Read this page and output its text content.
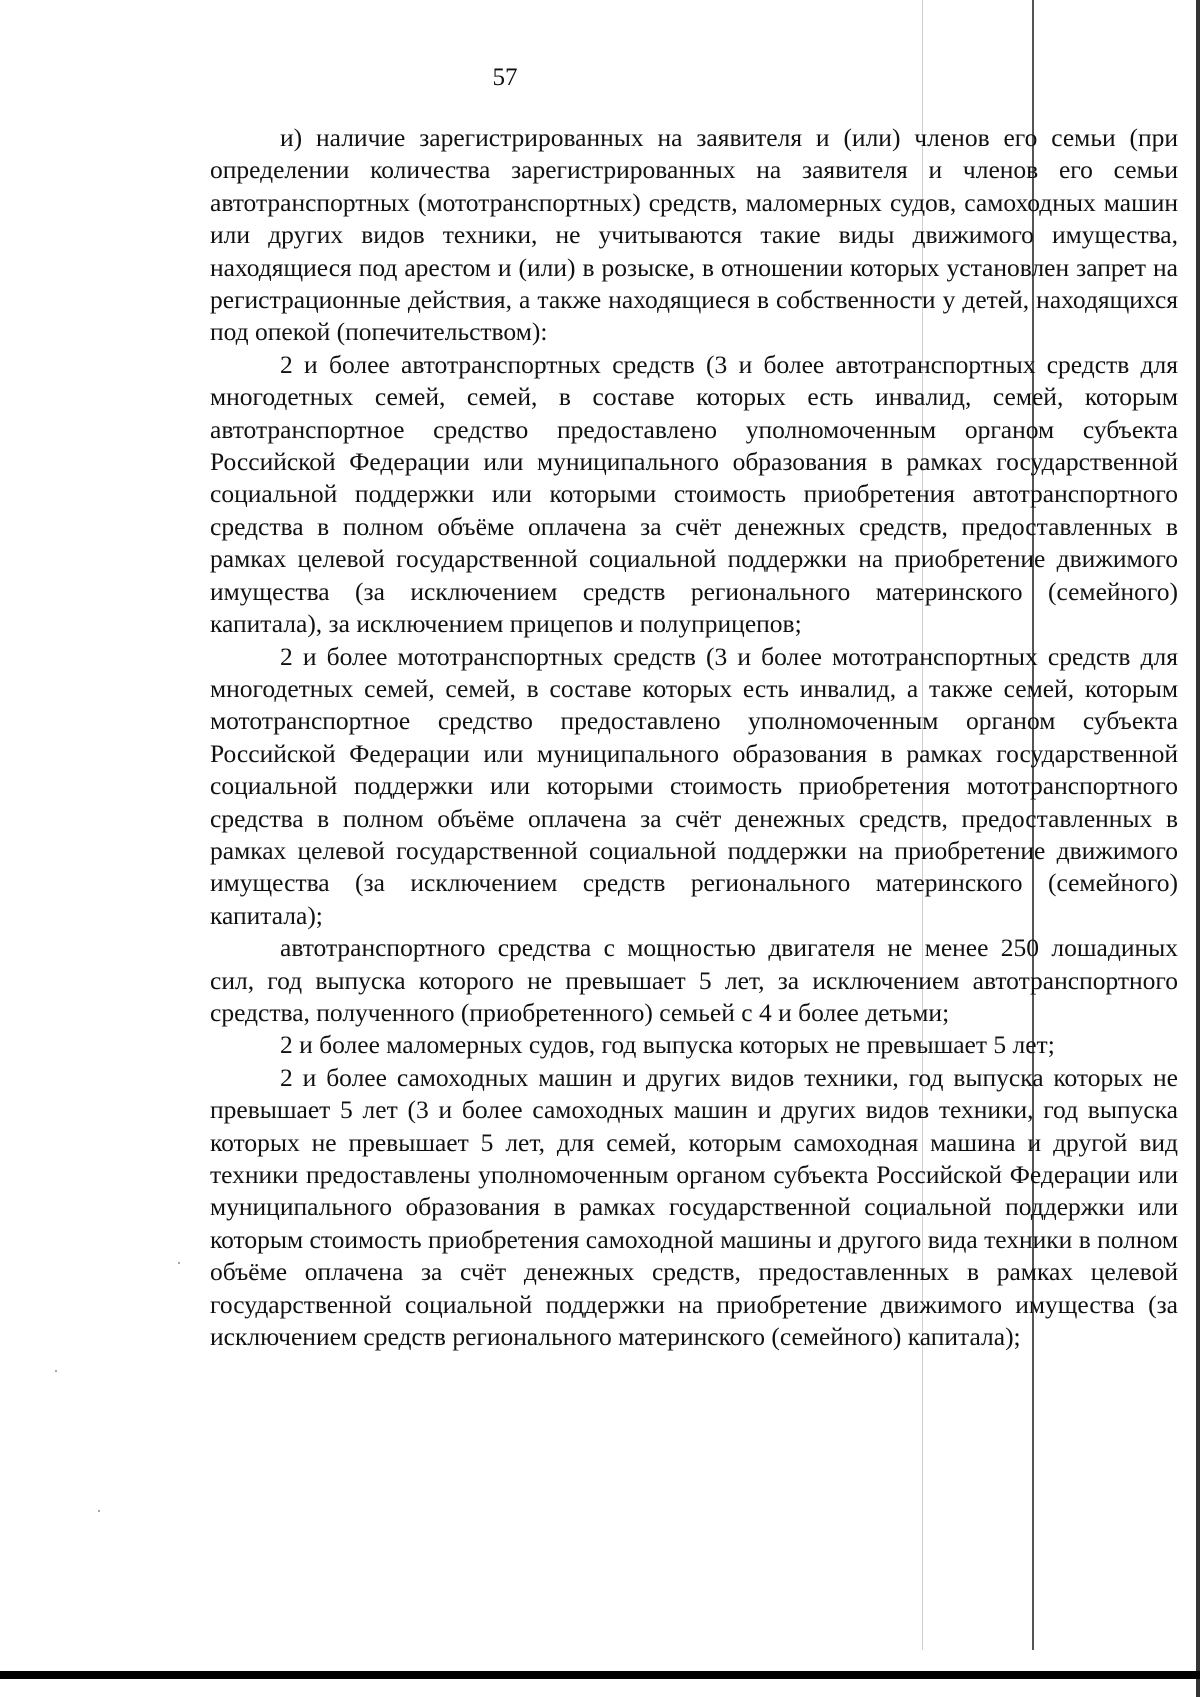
57

и) наличие зарегистрированных на заявителя и (или) членов его семьи (при определении количества зарегистрированных на заявителя и членов его семьи автотранспортных (мототранспортных) средств, маломерных судов, самоходных машин или других видов техники, не учитываются такие виды движимого имущества, находящиеся под арестом и (или) в розыске, в отношении которых установлен запрет на регистрационные действия, а также находящиеся в собственности у детей, находящихся под опекой (попечительством):

2 и более автотранспортных средств (3 и более автотранспортных средств для многодетных семей, семей, в составе которых есть инвалид, семей, которым автотранспортное средство предоставлено уполномоченным органом субъекта Российской Федерации или муниципального образования в рамках государственной социальной поддержки или которыми стоимость приобретения автотранспортного средства в полном объёме оплачена за счёт денежных средств, предоставленных в рамках целевой государственной социальной поддержки на приобретение движимого имущества (за исключением средств регионального материнского (семейного) капитала), за исключением прицепов и полуприцепов;

2 и более мототранспортных средств (3 и более мототранспортных средств для многодетных семей, семей, в составе которых есть инвалид, а также семей, которым мототранспортное средство предоставлено уполномоченным органом субъекта Российской Федерации или муниципального образования в рамках государственной социальной поддержки или которыми стоимость приобретения мототранспортного средства в полном объёме оплачена за счёт денежных средств, предоставленных в рамках целевой государственной социальной поддержки на приобретение движимого имущества (за исключением средств регионального материнского (семейного) капитала);

автотранспортного средства с мощностью двигателя не менее 250 лошадиных сил, год выпуска которого не превышает 5 лет, за исключением автотранспортного средства, полученного (приобретенного) семьей с 4 и более детьми;

2 и более маломерных судов, год выпуска которых не превышает 5 лет;

2 и более самоходных машин и других видов техники, год выпуска которых не превышает 5 лет (3 и более самоходных машин и других видов техники, год выпуска которых не превышает 5 лет, для семей, которым самоходная машина и другой вид техники предоставлены уполномоченным органом субъекта Российской Федерации или муниципального образования в рамках государственной социальной поддержки или которым стоимость приобретения самоходной машины и другого вида техники в полном объёме оплачена за счёт денежных средств, предоставленных в рамках целевой государственной социальной поддержки на приобретение движимого имущества (за исключением средств регионального материнского (семейного) капитала);
